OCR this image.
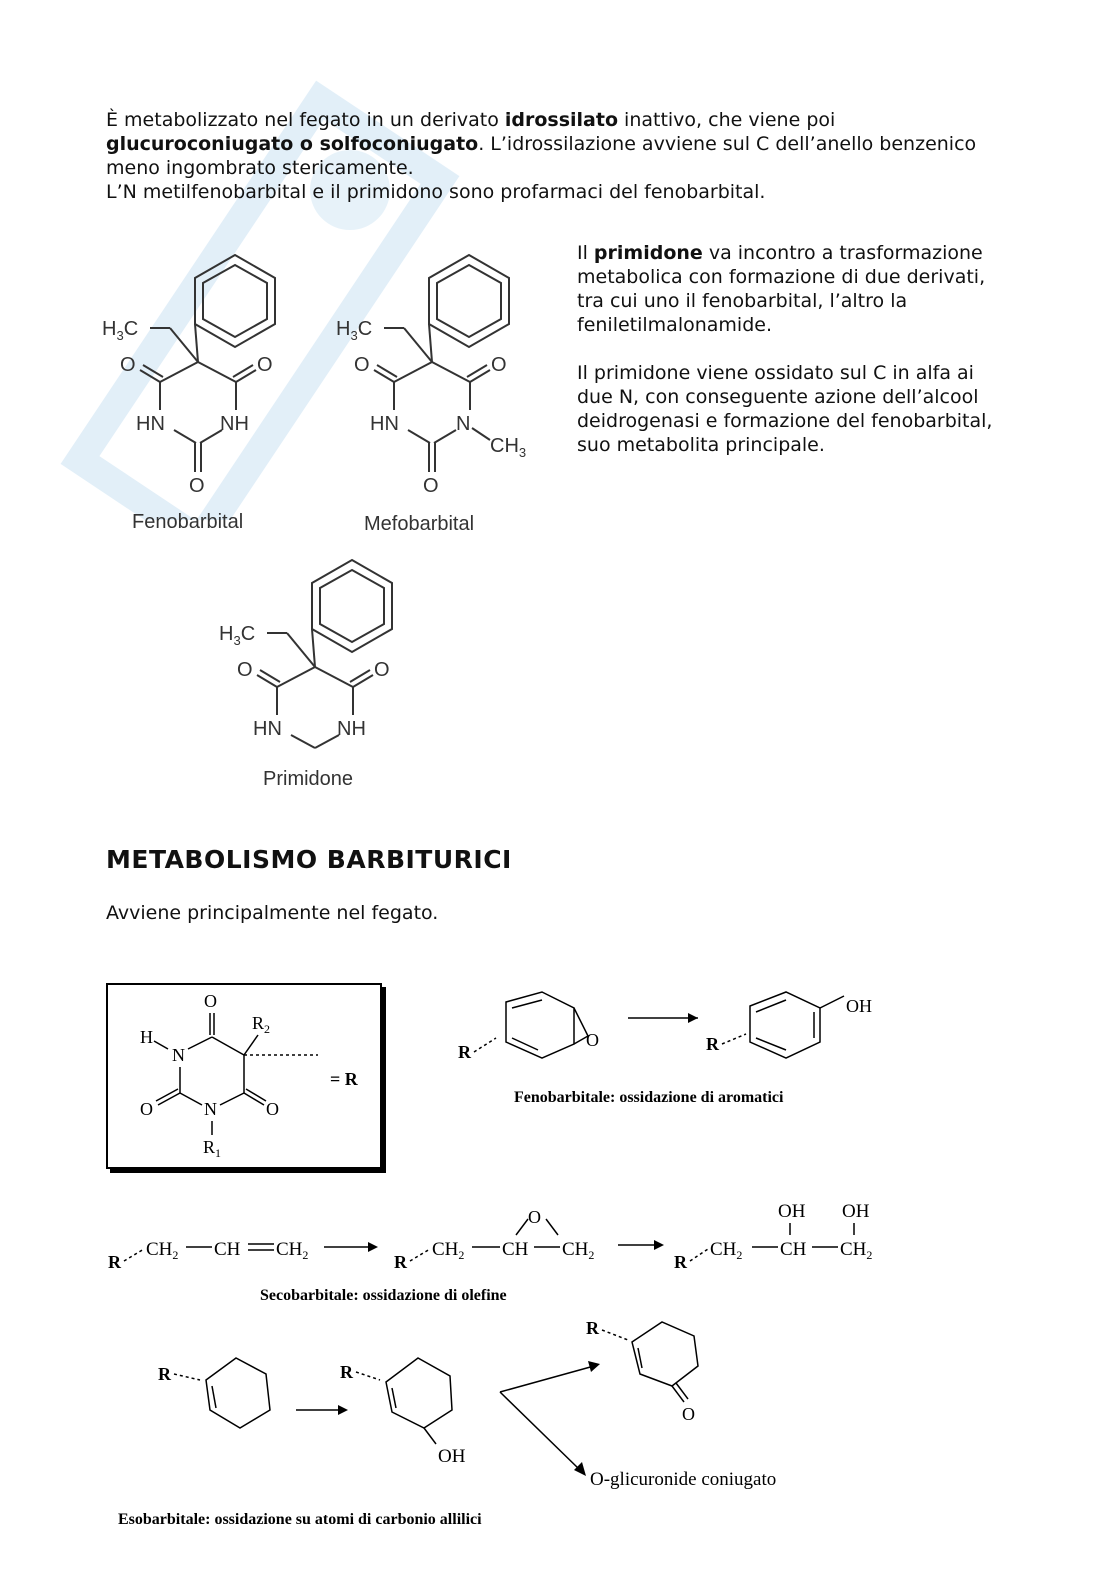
È metabolizzato nel fegato in un derivato idrossilato inattivo, che viene poi
glucuroconiugato o solfoconiugato. L’idrossilazione avviene sul C dell’anello benzenico
meno ingombrato stericamente.
L’N metilfenobarbital e il primidono sono profarmaci del fenobarbital.
Il primidone va incontro a trasformazione metabolica con formazione di due derivati, tra cui uno il fenobarbital, l’altro la feniletilmalonamide.
Il primidone viene ossidato sul C in alfa ai due N, con conseguente azione dell’alcool deidrogenasi e formazione del fenobarbital, suo metabolita principale.
$H_3C$
O	O
HN	NH
O
Fenobarbital
$H_3C$
O	O
HN	N
$CH_3$
O
Mefobarbital
$H_3C$
O	O
HN	NH
Primidone
METABOLISMO BARBITURICI
Avviene principalmente nel fegato.
O
H
N
O	N	O
$R_1$
$R_2$
= R
R
O	R
OH
Fenobarbitale: ossidazione di aromatici
R
$CH_2$ CH $CH_2$	R
$CH_2$ CH $CH_2$
O
R
$CH_2$ CH $CH_2$
OH OH
Secobarbitale: ossidazione di olefine
R	R
OH
R
O
O-glicuronide coniugato
Esobarbitale: ossidazione su atomi di carbonio allilici
